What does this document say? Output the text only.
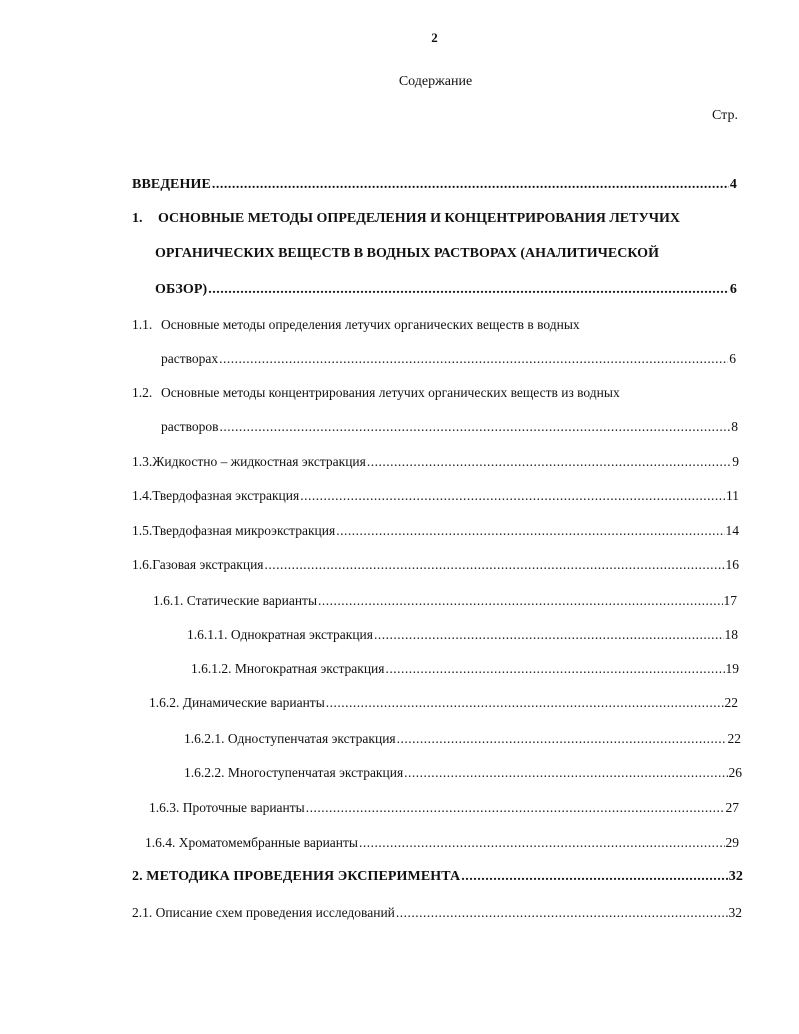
2
Содержание
Стр.
ВВЕДЕНИЕ .....	4
1. ОСНОВНЫЕ МЕТОДЫ ОПРЕДЕЛЕНИЯ И КОНЦЕНТРИРОВАНИЯ ЛЕТУЧИХ
ОРГАНИЧЕСКИХ ВЕЩЕСТВ В ВОДНЫХ РАСТВОРАХ (АНАЛИТИЧЕСКОЙ
ОБЗОР) .....	6
1.1. Основные методы определения летучих органических веществ в водных
растворах .....	6
1.2. Основные методы концентрирования летучих органических веществ из водных
растворов .....	8
1.3. Жидкостно – жидкостная экстракция .....	9
1.4. Твердофазная экстракция .....	11
1.5. Твердофазная микроэкстракция .....	14
1.6. Газовая экстракция .....	16
1.6.1. Статические варианты .....	17
1.6.1.1. Однократная экстракция .....	18
1.6.1.2. Многократная экстракция .....	19
1.6.2. Динамические варианты .....	22
1.6.2.1. Одноступенчатая экстракция .....	22
1.6.2.2. Многоступенчатая экстракция .....	26
1.6.3. Проточные варианты .....	27
1.6.4. Хроматомембранные варианты .....	29
2. МЕТОДИКА ПРОВЕДЕНИЯ ЭКСПЕРИМЕНТА .....	32
2.1. Описание схем проведения исследований .....	32
